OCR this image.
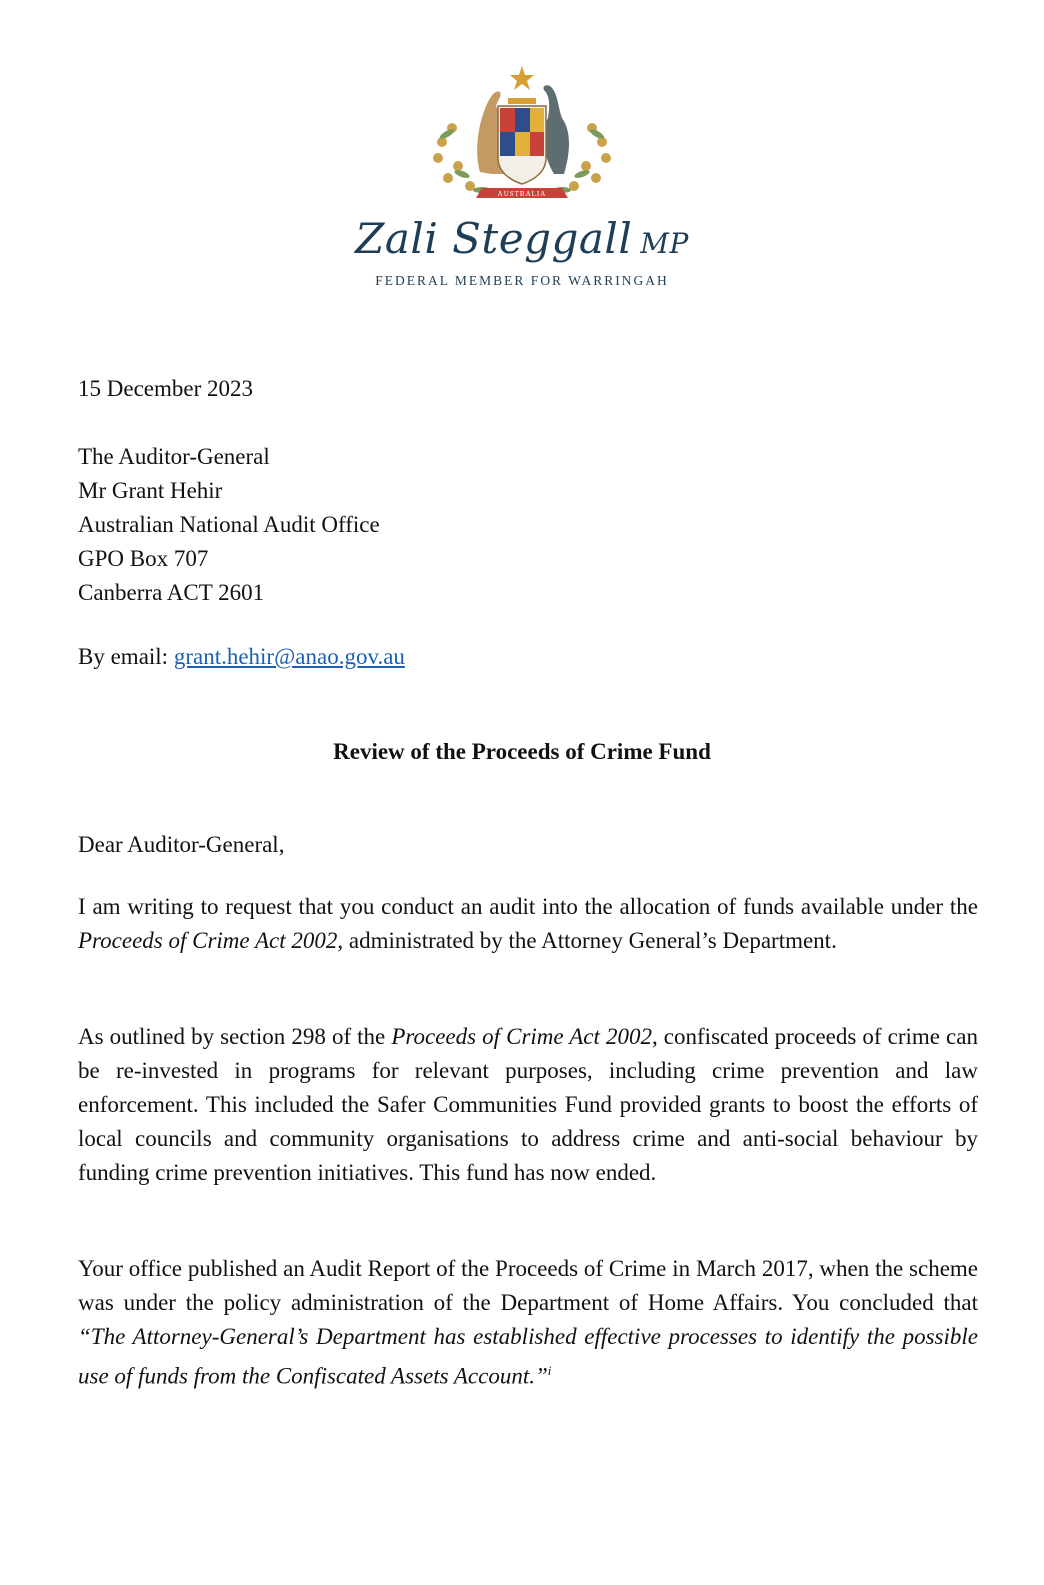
AUSTRALIA
Zali Steggall MP
FEDERAL MEMBER FOR WARRINGAH
15 December 2023
The Auditor-General
Mr Grant Hehir
Australian National Audit Office
GPO Box 707
Canberra ACT 2601
By email: grant.hehir@anao.gov.au
Review of the Proceeds of Crime Fund
Dear Auditor-General,
I am writing to request that you conduct an audit into the allocation of funds available under the Proceeds of Crime Act 2002, administrated by the Attorney General’s Department.
As outlined by section 298 of the Proceeds of Crime Act 2002, confiscated proceeds of crime can be re-invested in programs for relevant purposes, including crime prevention and law enforcement. This included the Safer Communities Fund provided grants to boost the efforts of local councils and community organisations to address crime and anti-social behaviour by funding crime prevention initiatives. This fund has now ended.
Your office published an Audit Report of the Proceeds of Crime in March 2017, when the scheme was under the policy administration of the Department of Home Affairs. You concluded that “The Attorney-General’s Department has established effective processes to identify the possible use of funds from the Confiscated Assets Account.”$^i$
